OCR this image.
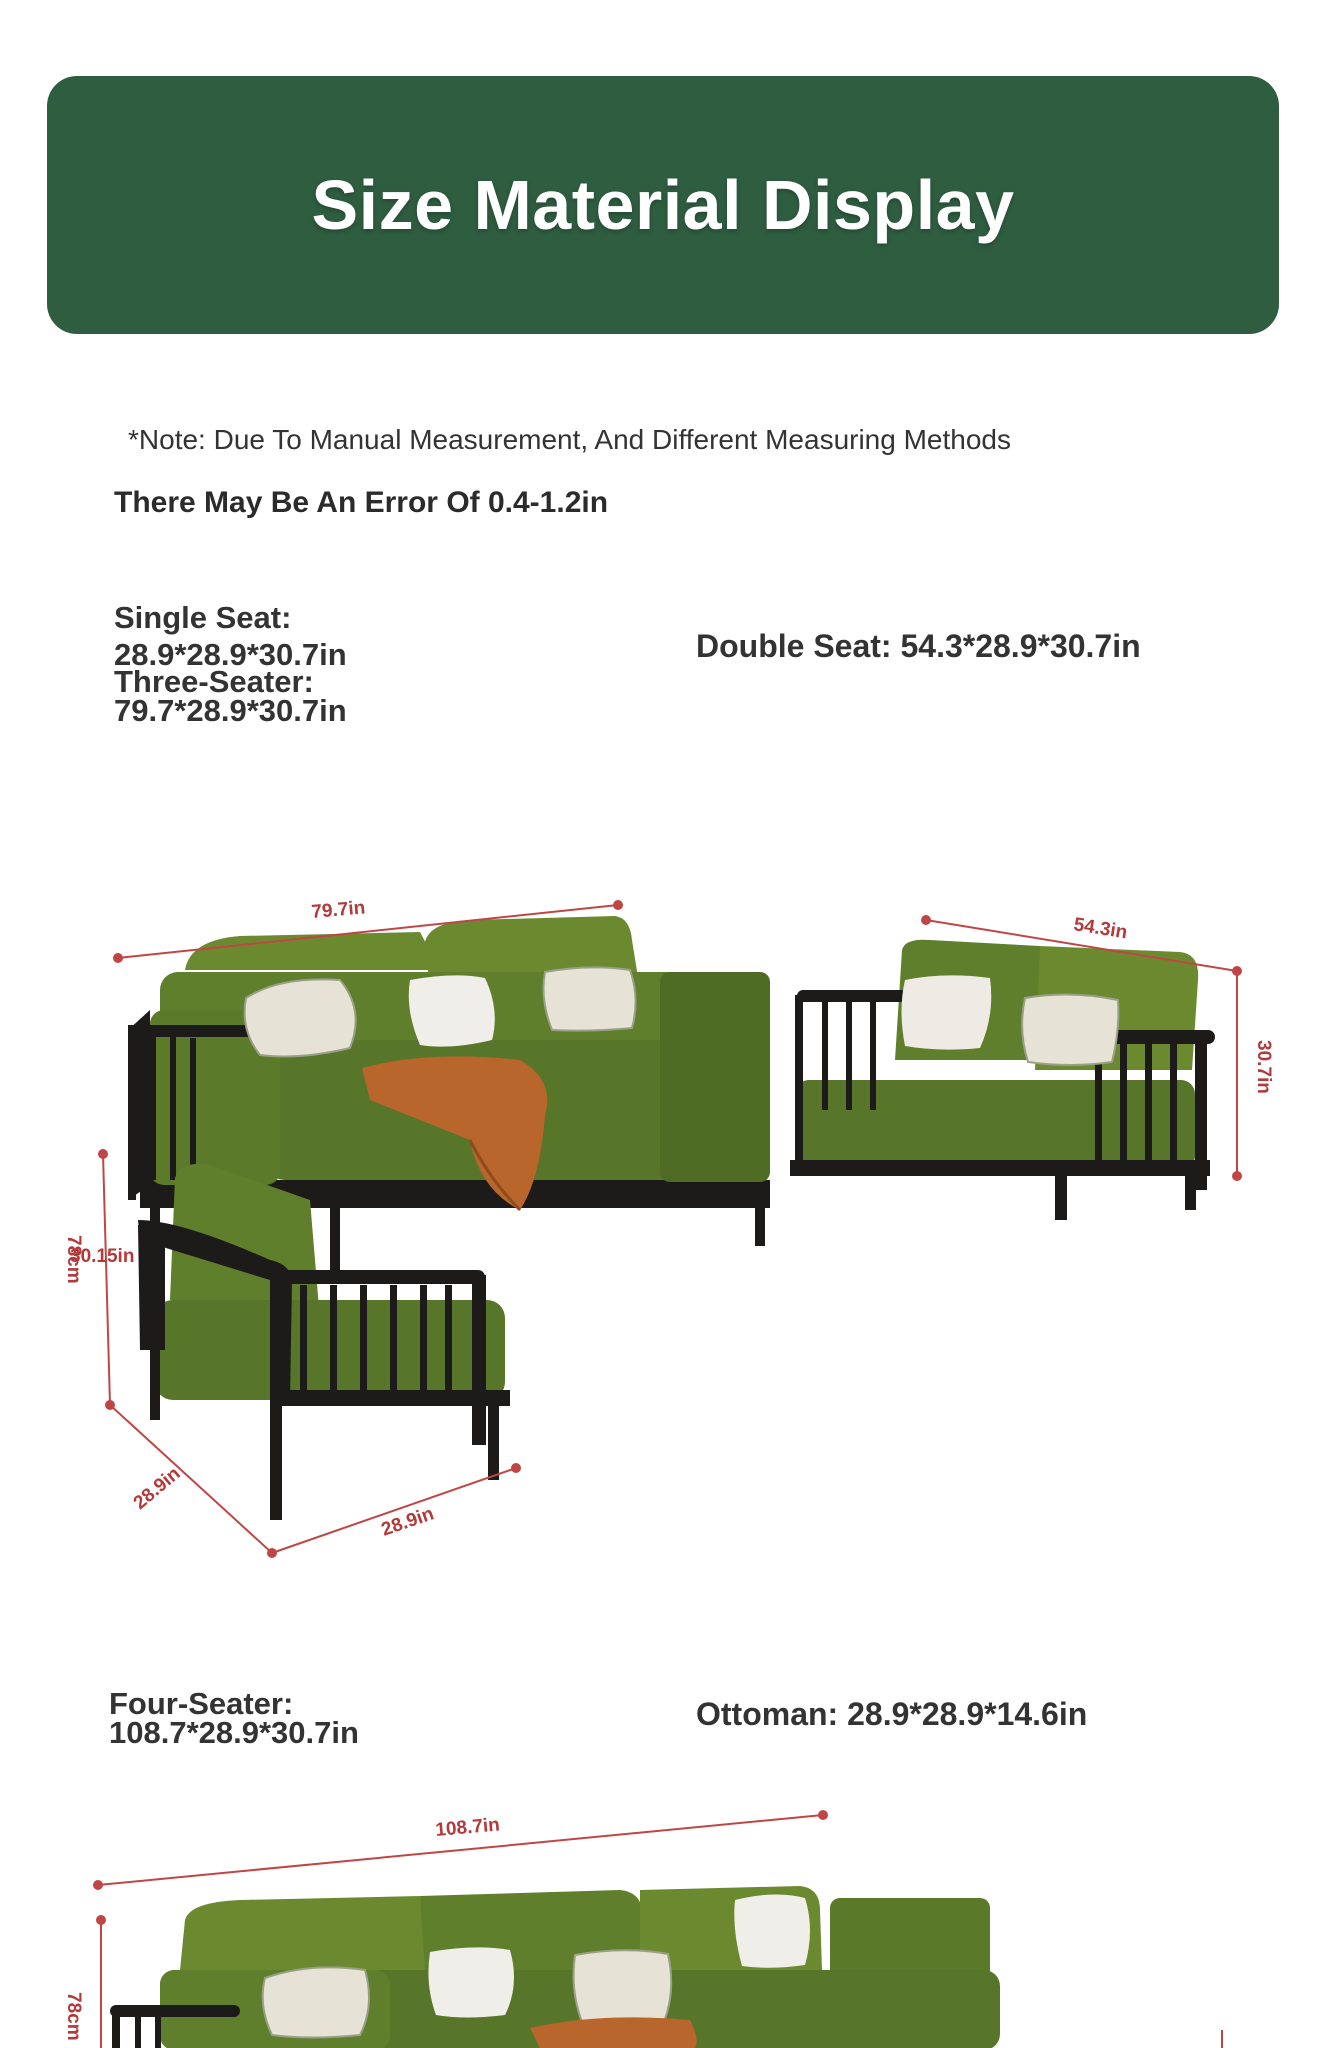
Size Material Display
*Note: Due To Manual Measurement, And Different Measuring Methods
There May Be An Error Of 0.4-1.2in
Single Seat:
28.9*28.9*30.7in
Three-Seater:
79.7*28.9*30.7in
Double Seat: 54.3*28.9*30.7in
Four-Seater:
108.7*28.9*30.7in
Ottoman: 28.9*28.9*14.6in
79.7in
54.3in
30.7in
30.15in
78cm
28.9in
28.9in
108.7in
78cm
